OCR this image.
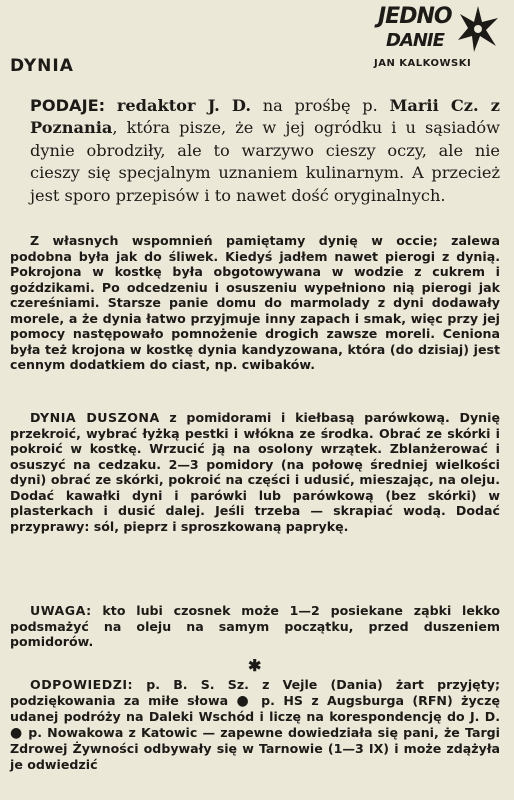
JEDNO
DANIE
JAN KALKOWSKI
DYNIA
PODAJE: redaktor J. D. na prośbę p. Marii Cz. z Poznania, która pisze, że w jej ogródku i u sąsiadów dynie obrodziły, ale to warzywo cieszy oczy, ale nie cieszy się specjalnym uznaniem kulinarnym. A przecież jest sporo przepisów i to nawet dość oryginalnych.
Z własnych wspomnień pamiętamy dynię w occie; zalewa podobna była jak do śliwek. Kiedyś jadłem nawet pierogi z dynią. Pokrojona w kostkę była obgotowywana w wodzie z cukrem i goździkami. Po odcedzeniu i osuszeniu wypełniono nią pierogi jak czereśniami. Starsze panie domu do marmolady z dyni dodawały morele, a że dynia łatwo przyjmuje inny zapach i smak, więc przy jej pomocy następowało pomnożenie drogich zawsze moreli. Ceniona była też krojona w kostkę dynia kandyzowana, która (do dzisiaj) jest cennym dodatkiem do ciast, np. cwibaków.
DYNIA DUSZONA z pomidorami i kiełbasą parówkową. Dynię przekroić, wybrać łyżką pestki i włókna ze środka. Obrać ze skórki i pokroić w kostkę. Wrzucić ją na osolony wrzątek. Zblanżerować i osuszyć na cedzaku. 2—3 pomidory (na połowę średniej wielkości dyni) obrać ze skórki, pokroić na części i udusić, mieszając, na oleju. Dodać kawałki dyni i parówki lub parówkową (bez skórki) w plasterkach i dusić dalej. Jeśli trzeba — skrapiać wodą. Dodać przyprawy: sól, pieprz i sproszkowaną paprykę.
UWAGA: kto lubi czosnek może 1—2 posiekane ząbki lekko podsmażyć na oleju na samym początku, przed duszeniem pomidorów.
✱
ODPOWIEDZI: p. B. S. Sz. z Vejle (Dania) żart przyjęty; podziękowania za miłe słowa ● p. HS z Augsburga (RFN) życzę udanej podróży na Daleki Wschód i liczę na korespondencję do J. D. ● p. Nowakowa z Katowic — zapewne dowiedziała się pani, że Targi Zdrowej Żywności odbywały się w Tarnowie (1—3 IX) i może zdążyła je odwiedzić
